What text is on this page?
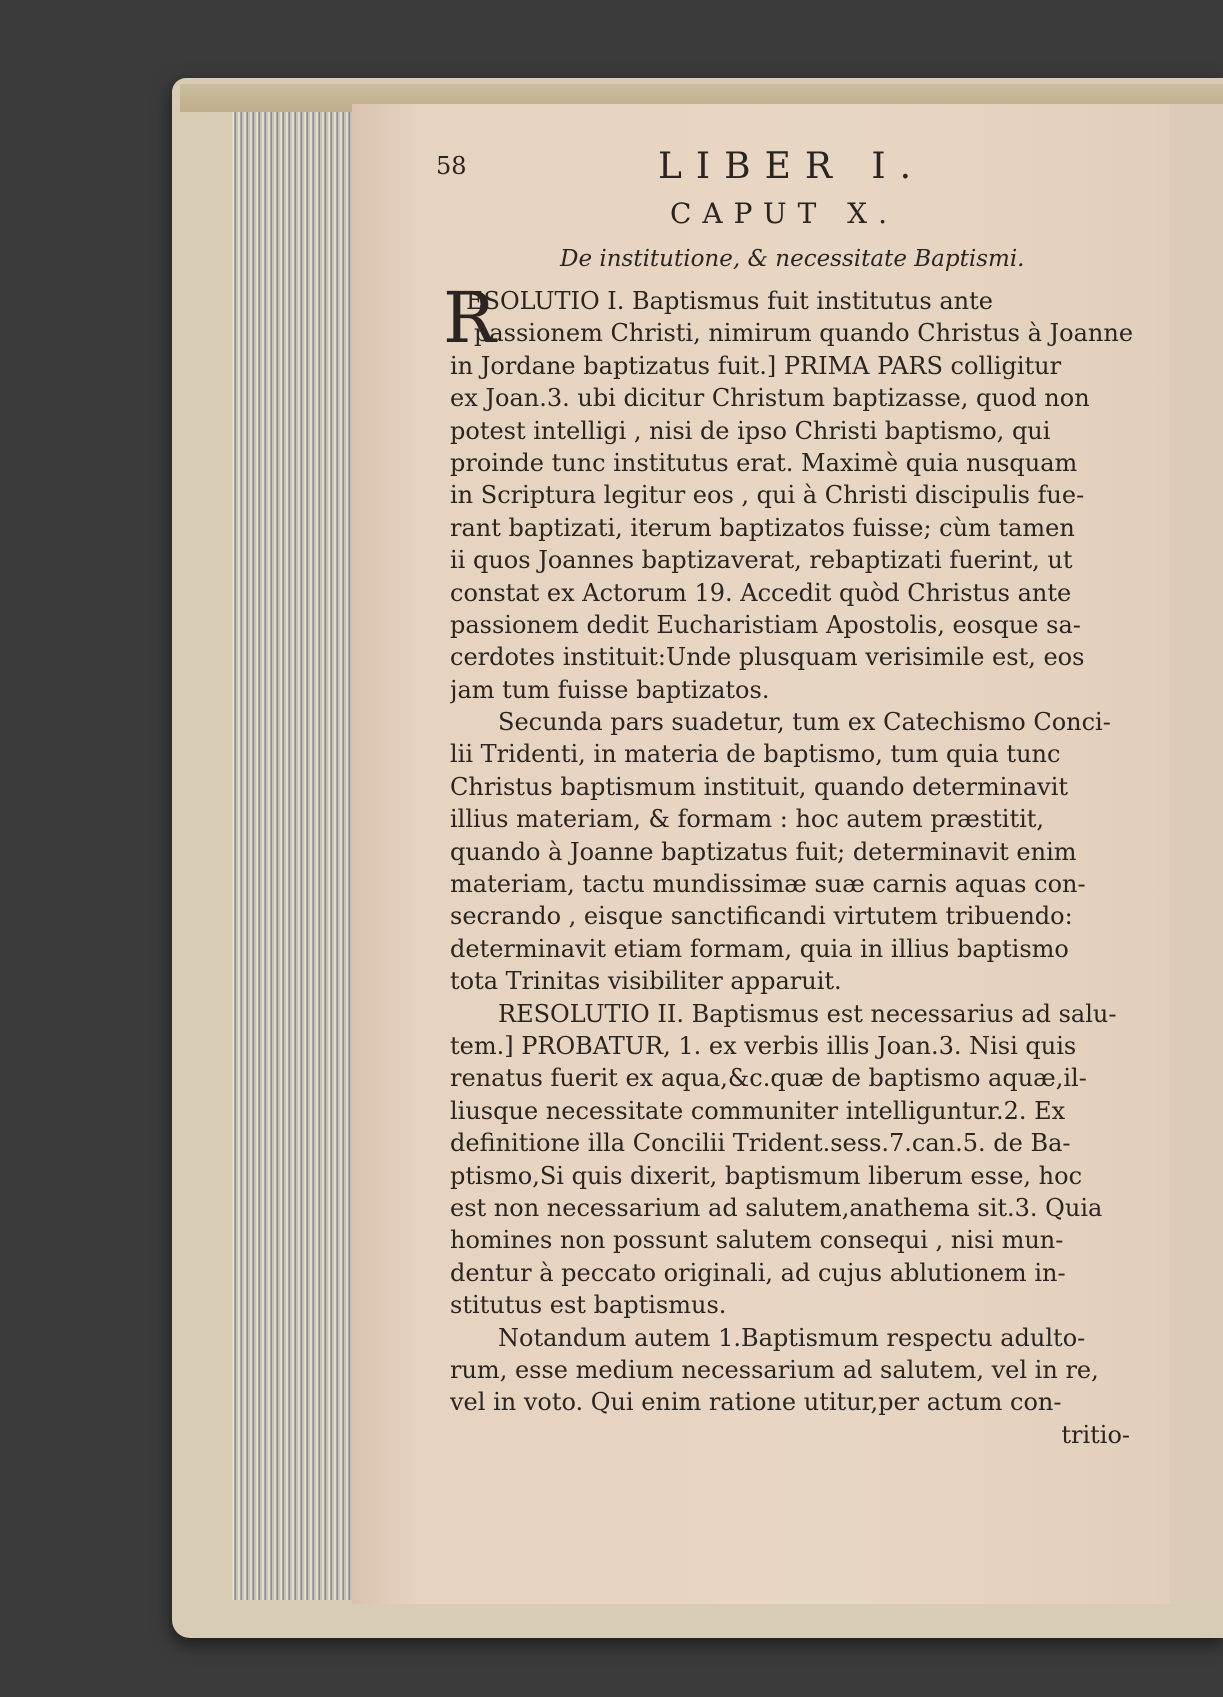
58	LIBER I.
CAPUT X.
De institutione, & necessitate Baptismi.
R
ESOLUTIO I. Baptismus fuit institutus ante
passionem Christi, nimirum quando Christus à Joanne
in Jordane baptizatus fuit.] PRIMA PARS colligitur
ex Joan.3. ubi dicitur Christum baptizasse, quod non
potest intelligi , nisi de ipso Christi baptismo, qui
proinde tunc institutus erat. Maximè quia nusquam
in Scriptura legitur eos , qui à Christi discipulis fue-
rant baptizati, iterum baptizatos fuisse; cùm tamen
ii quos Joannes baptizaverat, rebaptizati fuerint, ut
constat ex Actorum 19. Accedit quòd Christus ante
passionem dedit Eucharistiam Apostolis, eosque sa-
cerdotes instituit:Unde plusquam verisimile est, eos
jam tum fuisse baptizatos.
Secunda pars suadetur, tum ex Catechismo Conci-
lii Tridenti, in materia de baptismo, tum quia tunc
Christus baptismum instituit, quando determinavit
illius materiam, & formam : hoc autem præstitit,
quando à Joanne baptizatus fuit; determinavit enim
materiam, tactu mundissimæ suæ carnis aquas con-
secrando , eisque sanctificandi virtutem tribuendo:
determinavit etiam formam, quia in illius baptismo
tota Trinitas visibiliter apparuit.
RESOLUTIO II. Baptismus est necessarius ad salu-
tem.] PROBATUR, 1. ex verbis illis Joan.3. Nisi quis
renatus fuerit ex aqua,&c.quæ de baptismo aquæ,il-
liusque necessitate communiter intelliguntur.2. Ex
definitione illa Concilii Trident.sess.7.can.5. de Ba-
ptismo,Si quis dixerit, baptismum liberum esse, hoc
est non necessarium ad salutem,anathema sit.3. Quia
homines non possunt salutem consequi , nisi mun-
dentur à peccato originali, ad cujus ablutionem in-
stitutus est baptismus.
Notandum autem 1.Baptismum respectu adulto-
rum, esse medium necessarium ad salutem, vel in re,
vel in voto. Qui enim ratione utitur,per actum con-
tritio-
